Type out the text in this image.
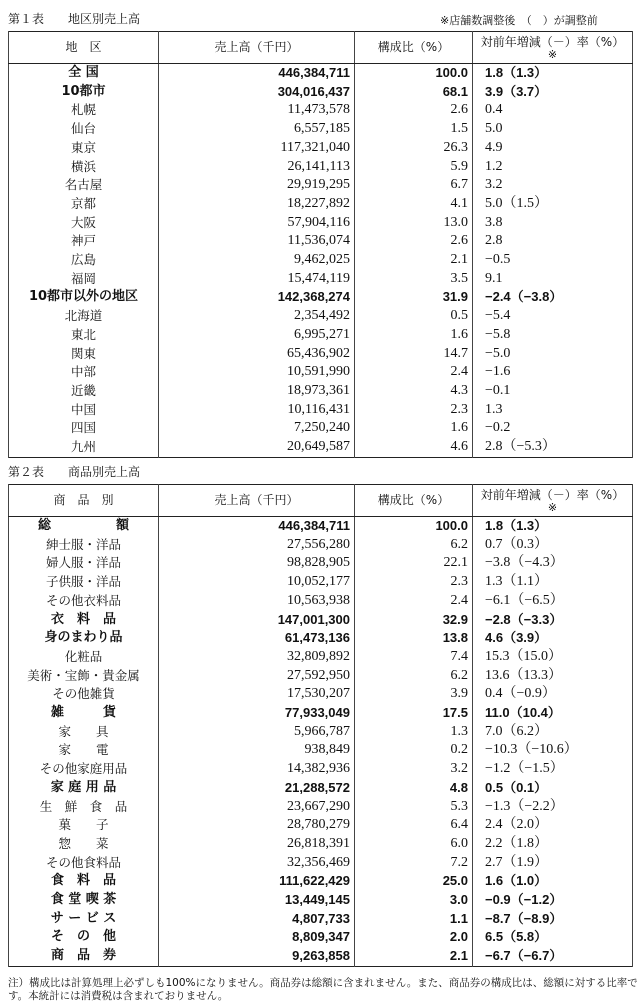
第１表　　地区別売上高	※店舗数調整後　（　）が調整前
地　区	売上高（千円）	構成比（%）	対前年増減（－）率（%）
※

全 国	446,384,711	100.0	1.8（1.3）
10都市	304,016,437	68.1	3.9（3.7）
札幌	11,473,578	2.6	0.4
仙台	6,557,185	1.5	5.0
東京	117,321,040	26.3	4.9
横浜	26,141,113	5.9	1.2
名古屋	29,919,295	6.7	3.2
京都	18,227,892	4.1	5.0（1.5）
大阪	57,904,116	13.0	3.8
神戸	11,536,074	2.6	2.8
広島	9,462,025	2.1	−0.5
福岡	15,474,119	3.5	9.1
10都市以外の地区	142,368,274	31.9	−2.4（−3.8）
北海道	2,354,492	0.5	−5.4
東北	6,995,271	1.6	−5.8
関東	65,436,902	14.7	−5.0
中部	10,591,990	2.4	−1.6
近畿	18,973,361	4.3	−0.1
中国	10,116,431	2.3	1.3
四国	7,250,240	1.6	−0.2
九州	20,649,587	4.6	2.8（−5.3）
第２表　　商品別売上高
商　品　別	売上高（千円）	構成比（%）	対前年増減（－）率（%）
※

総　　　　　額	446,384,711	100.0	1.8（1.3）
紳士服・洋品	27,556,280	6.2	0.7（0.3）
婦人服・洋品	98,828,905	22.1	−3.8（−4.3）
子供服・洋品	10,052,177	2.3	1.3（1.1）
その他衣料品	10,563,938	2.4	−6.1（−6.5）
衣　料　品	147,001,300	32.9	−2.8（−3.3）
身のまわり品	61,473,136	13.8	4.6（3.9）
化粧品	32,809,892	7.4	15.3（15.0）
美術・宝飾・貴金属	27,592,950	6.2	13.6（13.3）
その他雑貨	17,530,207	3.9	0.4（−0.9）
雑　　　貨	77,933,049	17.5	11.0（10.4）
家　　具	5,966,787	1.3	7.0（6.2）
家　　電	938,849	0.2	−10.3（−10.6）
その他家庭用品	14,382,936	3.2	−1.2（−1.5）
家 庭 用 品	21,288,572	4.8	0.5（0.1）
生　鮮　食　品	23,667,290	5.3	−1.3（−2.2）
菓　　子	28,780,279	6.4	2.4（2.0）
惣　　菜	26,818,391	6.0	2.2（1.8）
その他食料品	32,356,469	7.2	2.7（1.9）
食　料　品	111,622,429	25.0	1.6（1.0）
食 堂 喫 茶	13,449,145	3.0	−0.9（−1.2）
サ ー ビ ス	4,807,733	1.1	−8.7（−8.9）
そ　の　他	8,809,347	2.0	6.5（5.8）
商　品　券	9,263,858	2.1	−6.7（−6.7）
注）構成比は計算処理上必ずしも100%になりません。商品券は総額に含まれません。また、商品券の構成比は、総額に対する比率です。本統計には消費税は含まれておりません。
